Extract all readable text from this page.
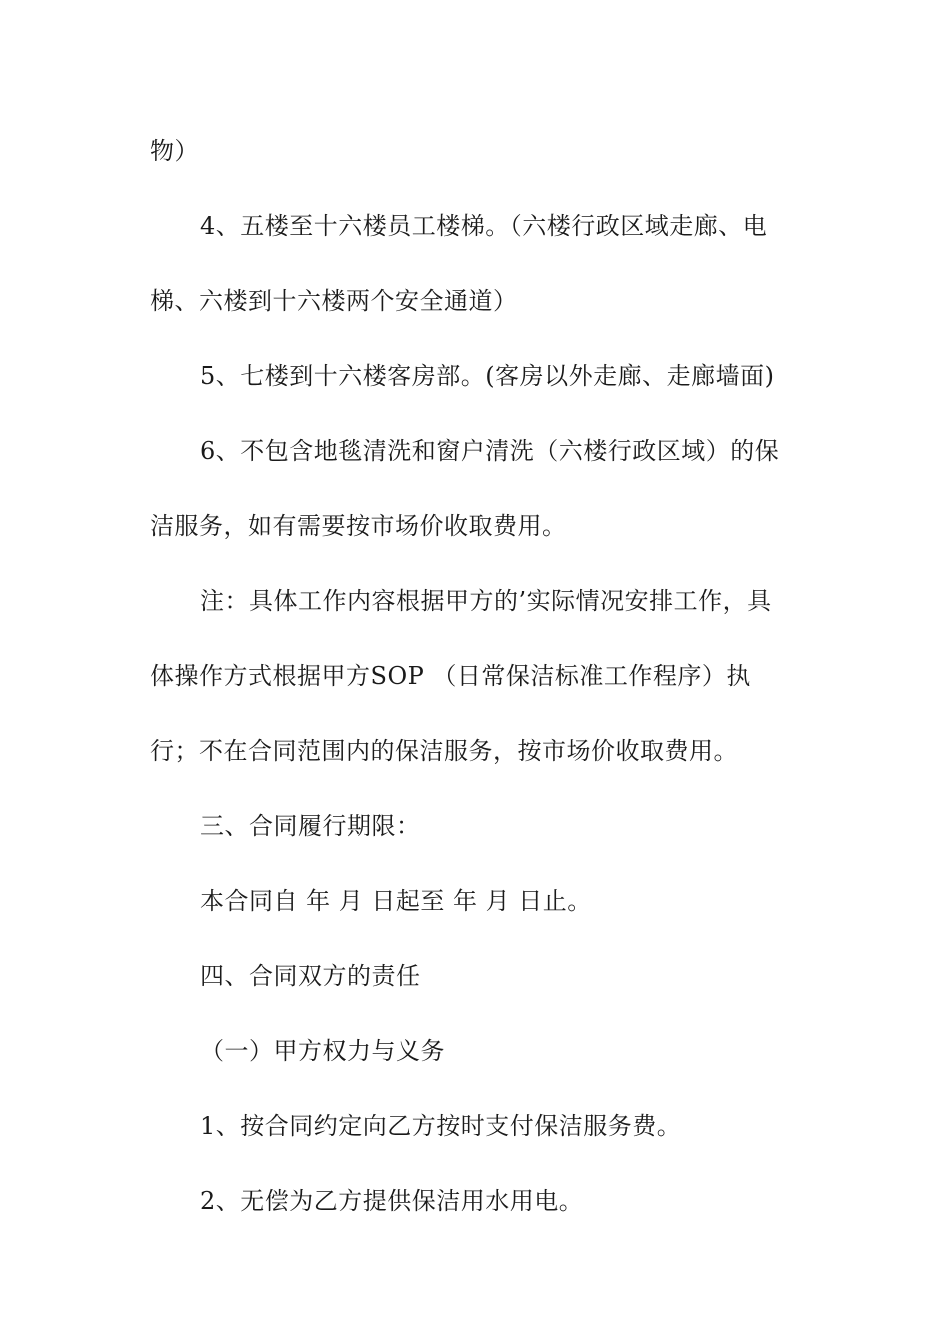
物）
4、五楼至十六楼员工楼梯。（六楼行政区域走廊、电
梯、六楼到十六楼两个安全通道）
5、七楼到十六楼客房部。(客房以外走廊、走廊墙面)
6、不包含地毯清洗和窗户清洗（六楼行政区域）的保
洁服务，如有需要按市场价收取费用。
注：具体工作内容根据甲方的’实际情况安排工作，具
体操作方式根据甲方SOP （日常保洁标准工作程序）执
行；不在合同范围内的保洁服务，按市场价收取费用。
三、合同履行期限：
本合同自 年 月 日起至 年 月 日止。
四、合同双方的责任
（一）甲方权力与义务
1、按合同约定向乙方按时支付保洁服务费。
2、无偿为乙方提供保洁用水用电。
